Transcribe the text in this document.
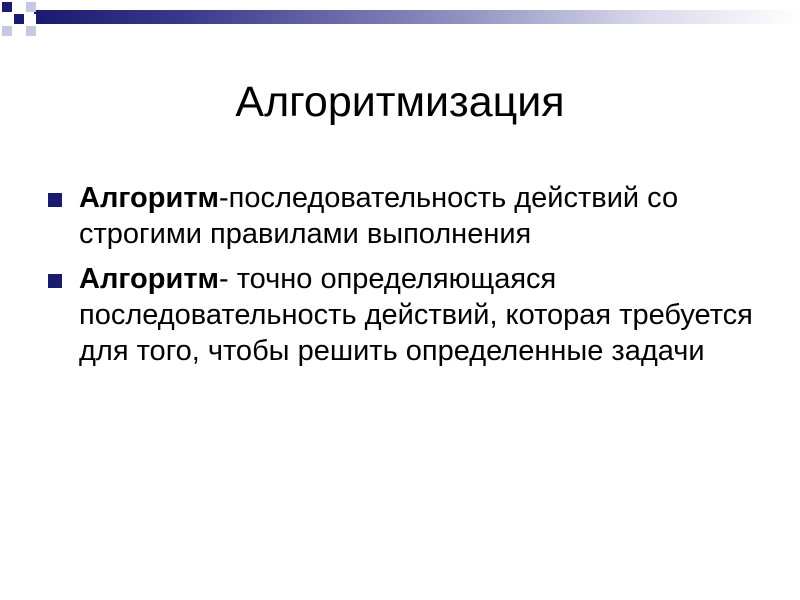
Алгоритмизация
Алгоритм-последовательность действий со строгими правилами выполнения
Алгоритм- точно определяющаяся последовательность действий, которая требуется для того, чтобы решить определенные задачи
